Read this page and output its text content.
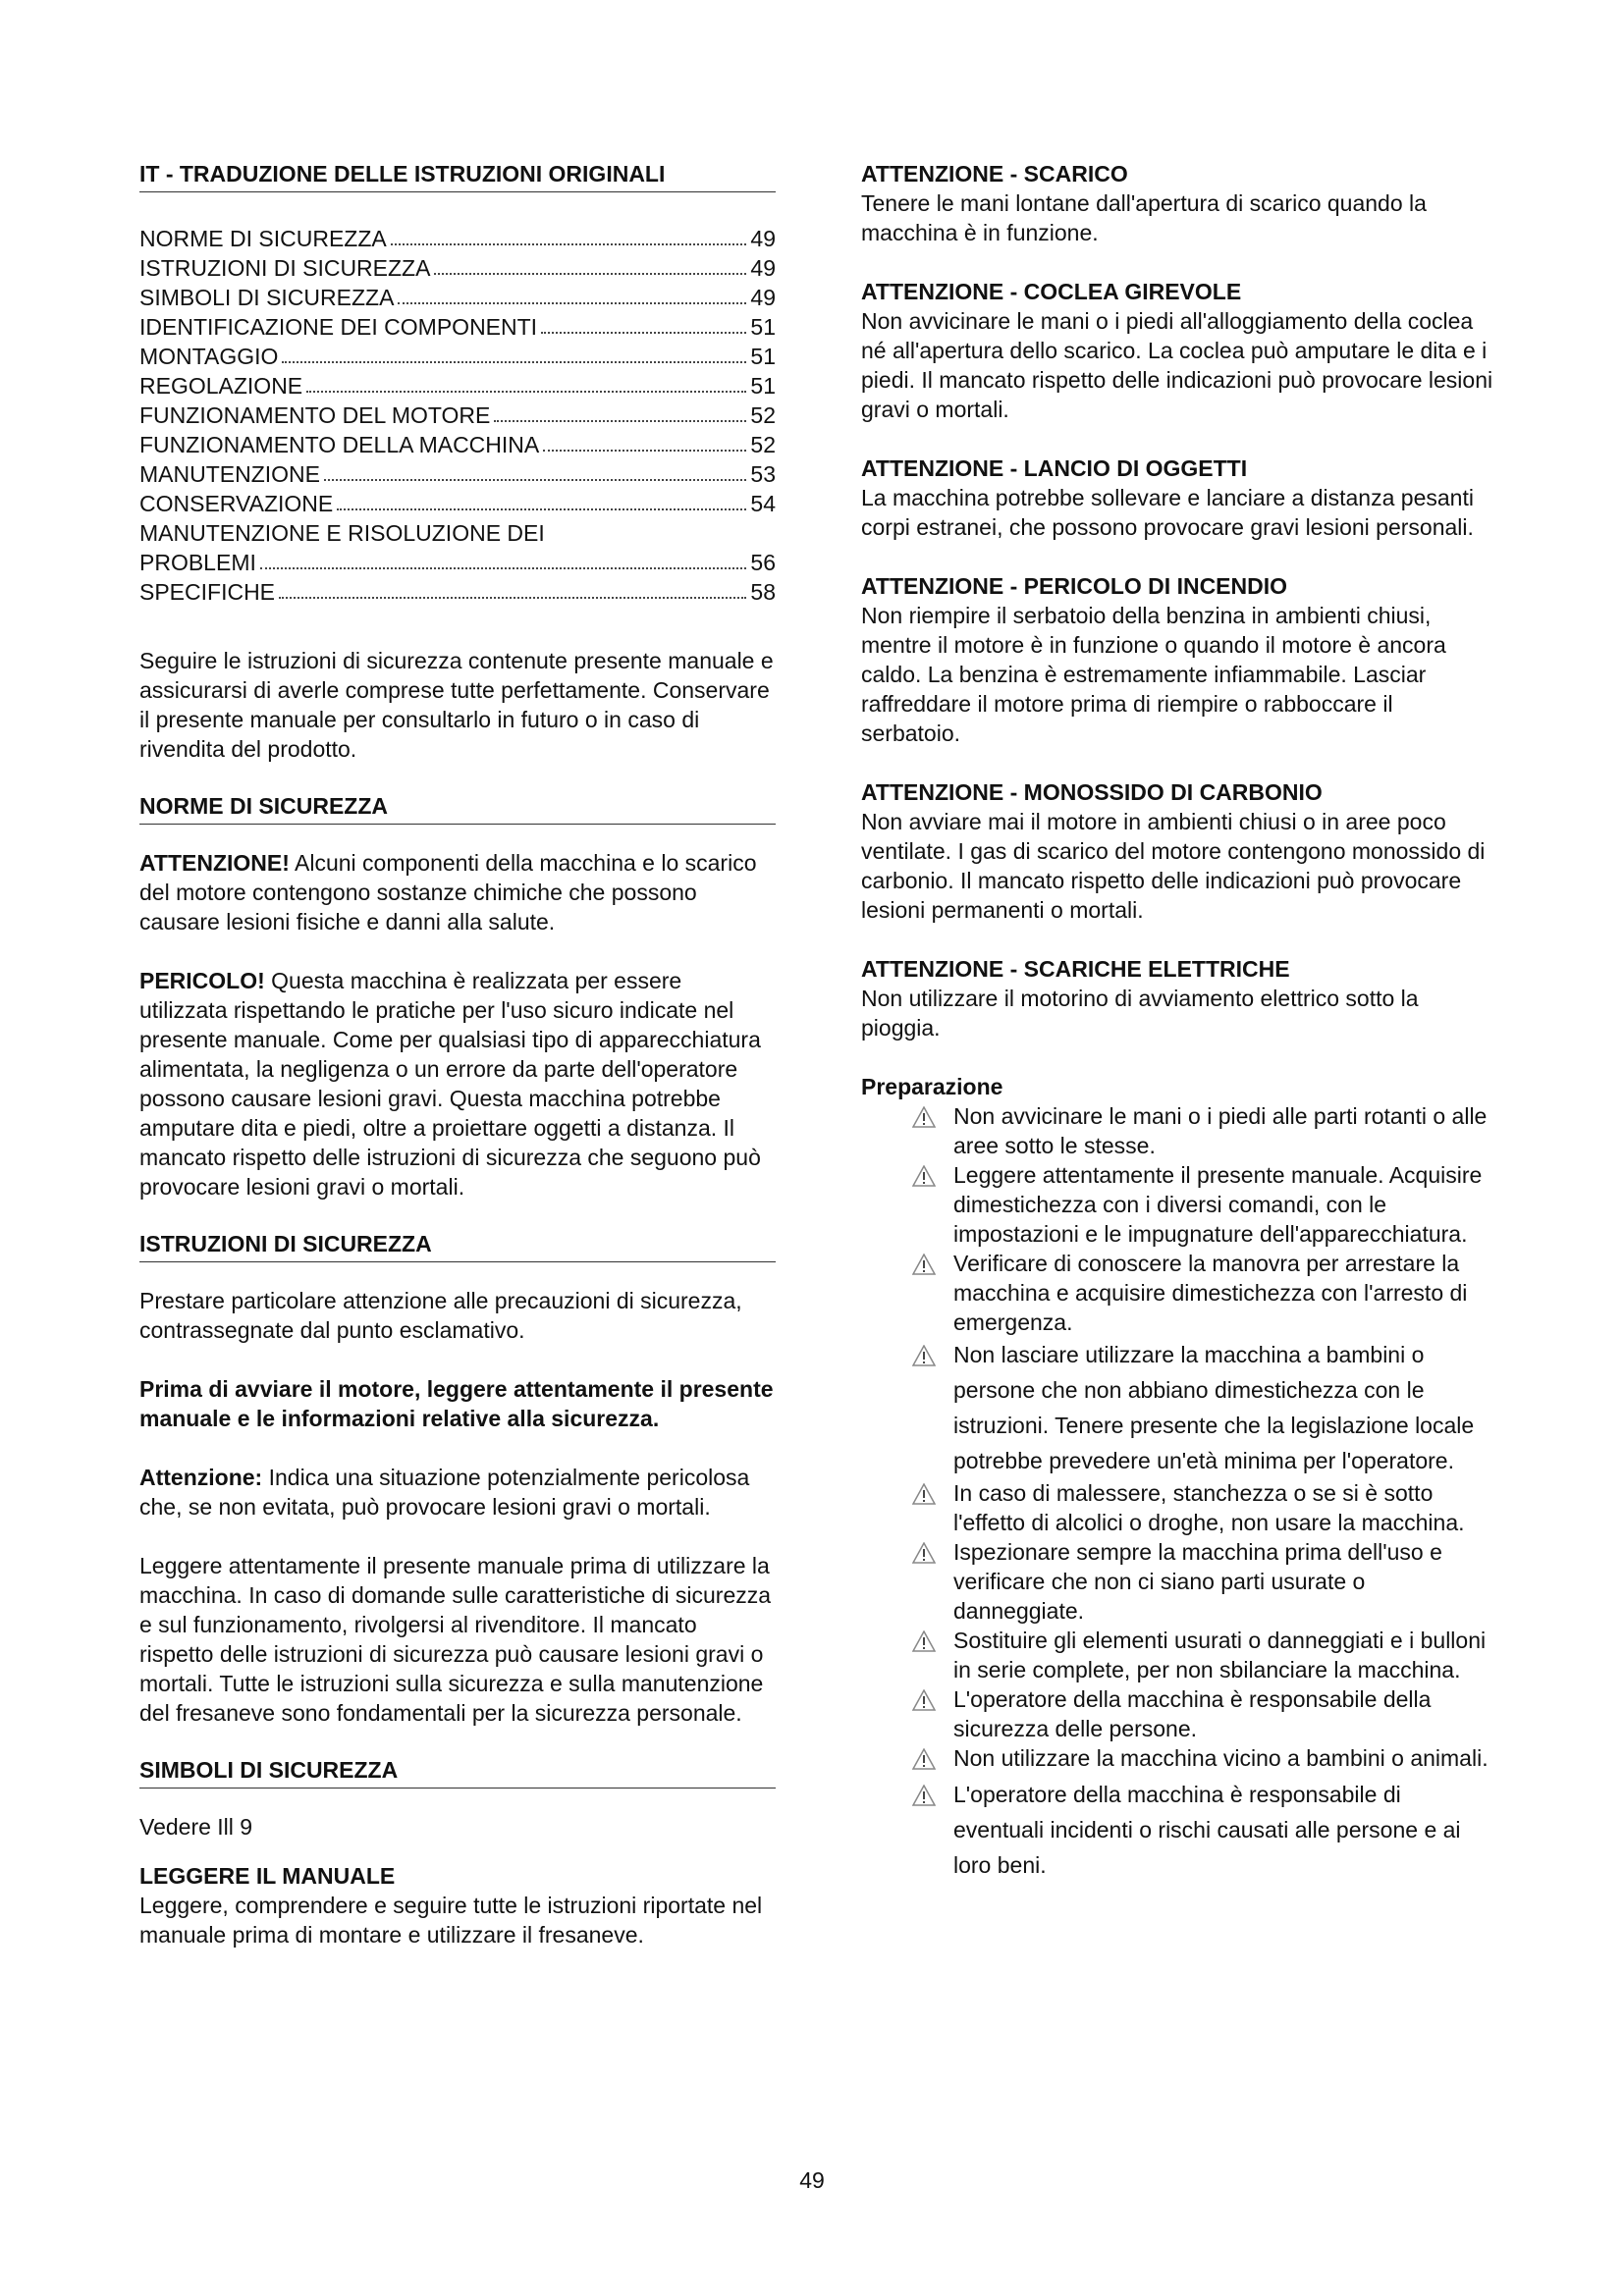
IT - TRADUZIONE DELLE ISTRUZIONI ORIGINALI
NORME DI SICUREZZA	49
ISTRUZIONI DI SICUREZZA	49
SIMBOLI DI SICUREZZA	49
IDENTIFICAZIONE DEI COMPONENTI	51
MONTAGGIO	51
REGOLAZIONE	51
FUNZIONAMENTO DEL MOTORE	52
FUNZIONAMENTO DELLA MACCHINA	52
MANUTENZIONE	53
CONSERVAZIONE	54
MANUTENZIONE E RISOLUZIONE DEI
PROBLEMI	56
SPECIFICHE	58

Seguire le istruzioni di sicurezza contenute presente manuale e assicurarsi di averle comprese tutte perfettamente. Conservare il presente manuale per consultarlo in futuro o in caso di rivendita del prodotto.

NORME DI SICUREZZA

ATTENZIONE! Alcuni componenti della macchina e lo scarico del motore contengono sostanze chimiche che possono causare lesioni fisiche e danni alla salute.

PERICOLO! Questa macchina è realizzata per essere utilizzata rispettando le pratiche per l'uso sicuro indicate nel presente manuale. Come per qualsiasi tipo di apparecchiatura alimentata, la negligenza o un errore da parte dell'operatore possono causare lesioni gravi. Questa macchina potrebbe amputare dita e piedi, oltre a proiettare oggetti a distanza. Il mancato rispetto delle istruzioni di sicurezza che seguono può provocare lesioni gravi o mortali.

ISTRUZIONI DI SICUREZZA

Prestare particolare attenzione alle precauzioni di sicurezza, contrassegnate dal punto esclamativo.

Prima di avviare il motore, leggere attentamente il presente manuale e le informazioni relative alla sicurezza.

Attenzione: Indica una situazione potenzialmente pericolosa che, se non evitata, può provocare lesioni gravi o mortali.

Leggere attentamente il presente manuale prima di utilizzare la macchina. In caso di domande sulle caratteristiche di sicurezza e sul funzionamento, rivolgersi al rivenditore. Il mancato rispetto delle istruzioni di sicurezza può causare lesioni gravi o mortali. Tutte le istruzioni sulla sicurezza e sulla manutenzione del fresaneve sono fondamentali per la sicurezza personale.

SIMBOLI DI SICUREZZA

Vedere Ill 9

LEGGERE IL MANUALE

Leggere, comprendere e seguire tutte le istruzioni riportate nel manuale prima di montare e utilizzare il fresaneve.

ATTENZIONE - SCARICO

Tenere le mani lontane dall'apertura di scarico quando la macchina è in funzione.

ATTENZIONE - COCLEA GIREVOLE

Non avvicinare le mani o i piedi all'alloggiamento della coclea né all'apertura dello scarico. La coclea può amputare le dita e i piedi. Il mancato rispetto delle indicazioni può provocare lesioni gravi o mortali.

ATTENZIONE - LANCIO DI OGGETTI

La macchina potrebbe sollevare e lanciare a distanza pesanti corpi estranei, che possono provocare gravi lesioni personali.

ATTENZIONE - PERICOLO DI INCENDIO

Non riempire il serbatoio della benzina in ambienti chiusi, mentre il motore è in funzione o quando il motore è ancora caldo. La benzina è estremamente infiammabile. Lasciar raffreddare il motore prima di riempire o rabboccare il serbatoio.

ATTENZIONE - MONOSSIDO DI CARBONIO

Non avviare mai il motore in ambienti chiusi o in aree poco ventilate. I gas di scarico del motore contengono monossido di carbonio. Il mancato rispetto delle indicazioni può provocare lesioni permanenti o mortali.

ATTENZIONE - SCARICHE ELETTRICHE

Non utilizzare il motorino di avviamento elettrico sotto la pioggia.

Preparazione

Non avvicinare le mani o i piedi alle parti rotanti o alle aree sotto le stesse.
Leggere attentamente il presente manuale. Acquisire dimestichezza con i diversi comandi, con le impostazioni e le impugnature dell'apparecchiatura.
Verificare di conoscere la manovra per arrestare la macchina e acquisire dimestichezza con l'arresto di emergenza.
Non lasciare utilizzare la macchina a bambini o persone che non abbiano dimestichezza con le istruzioni. Tenere presente che la legislazione locale potrebbe prevedere un'età minima per l'operatore.
In caso di malessere, stanchezza o se si è sotto l'effetto di alcolici o droghe, non usare la macchina.
Ispezionare sempre la macchina prima dell'uso e verificare che non ci siano parti usurate o danneggiate.
Sostituire gli elementi usurati o danneggiati e i bulloni in serie complete, per non sbilanciare la macchina.
L'operatore della macchina è responsabile della sicurezza delle persone.
Non utilizzare la macchina vicino a bambini o animali.
L'operatore della macchina è responsabile di eventuali incidenti o rischi causati alle persone e ai loro beni.
49
